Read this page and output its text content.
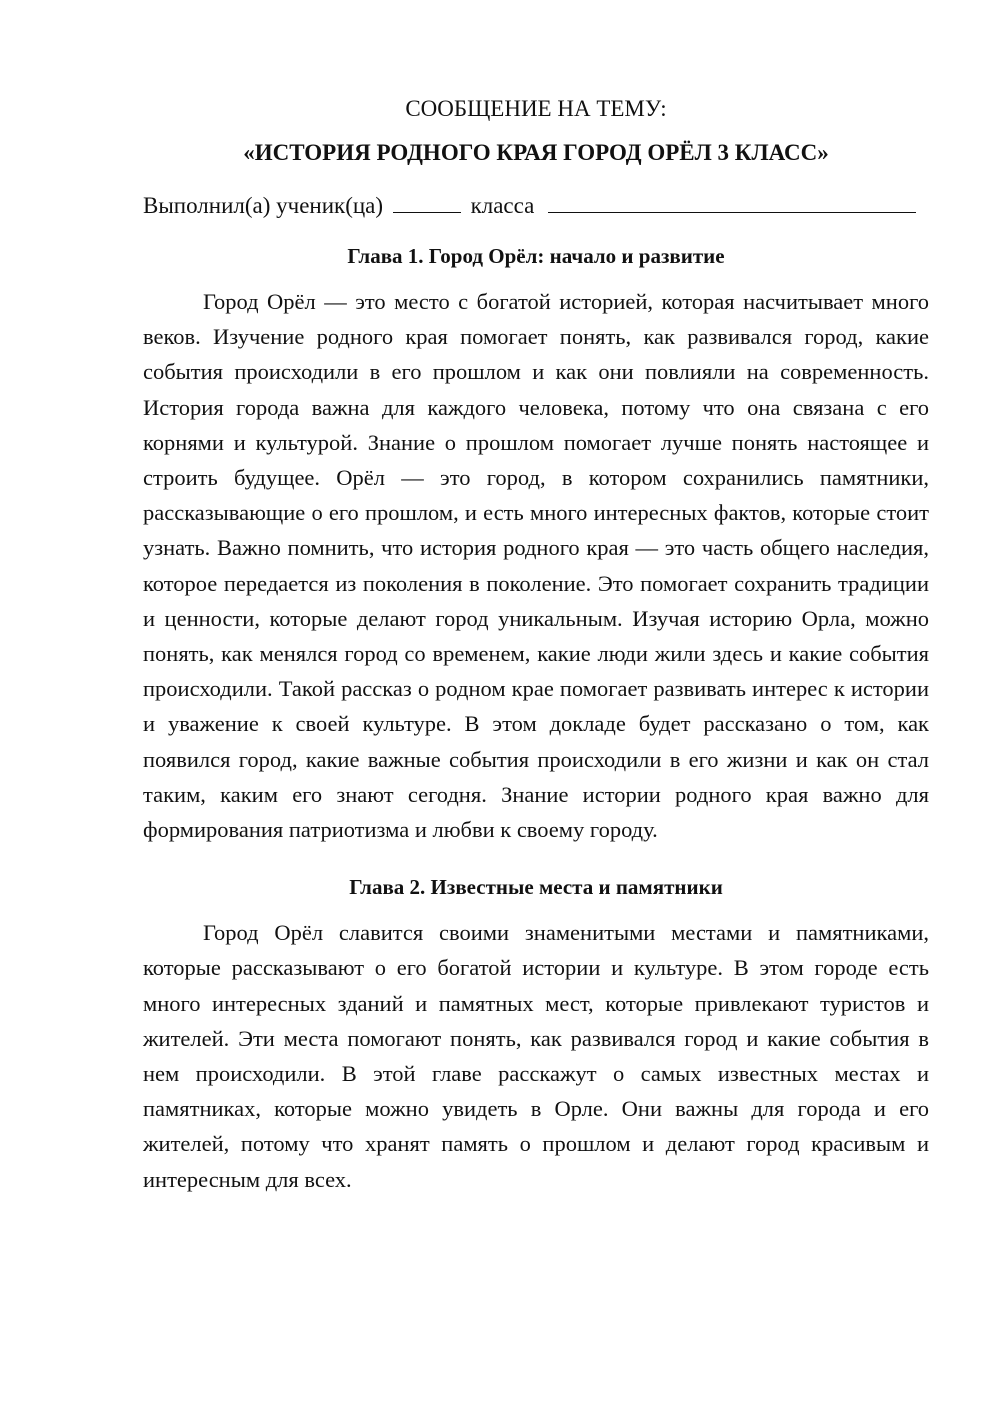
СООБЩЕНИЕ НА ТЕМУ:

«ИСТОРИЯ РОДНОГО КРАЯ ГОРОД ОРЁЛ 3 КЛАСС»

Выполнил(а) ученик(ца)	класса

Глава 1. Город Орёл: начало и развитие

Город Орёл — это место с богатой историей, которая насчитывает много веков. Изучение родного края помогает понять, как развивался город, какие события происходили в его прошлом и как они повлияли на современность. История города важна для каждого человека, потому что она связана с его корнями и культурой. Знание о прошлом помогает лучше понять настоящее и строить будущее. Орёл — это город, в котором сохранились памятники, рассказывающие о его прошлом, и есть много интересных фактов, которые стоит узнать. Важно помнить, что история родного края — это часть общего наследия, которое передается из поколения в поколение. Это помогает сохранить традиции и ценности, которые делают город уникальным. Изучая историю Орла, можно понять, как менялся город со временем, какие люди жили здесь и какие события происходили. Такой рассказ о родном крае помогает развивать интерес к истории и уважение к своей культуре. В этом докладе будет рассказано о том, как появился город, какие важные события происходили в его жизни и как он стал таким, каким его знают сегодня. Знание истории родного края важно для формирования патриотизма и любви к своему городу.

Глава 2. Известные места и памятники

Город Орёл славится своими знаменитыми местами и памятниками, которые рассказывают о его богатой истории и культуре. В этом городе есть много интересных зданий и памятных мест, которые привлекают туристов и жителей. Эти места помогают понять, как развивался город и какие события в нем происходили. В этой главе расскажут о самых известных местах и памятниках, которые можно увидеть в Орле. Они важны для города и его жителей, потому что хранят память о прошлом и делают город красивым и интересным для всех.
